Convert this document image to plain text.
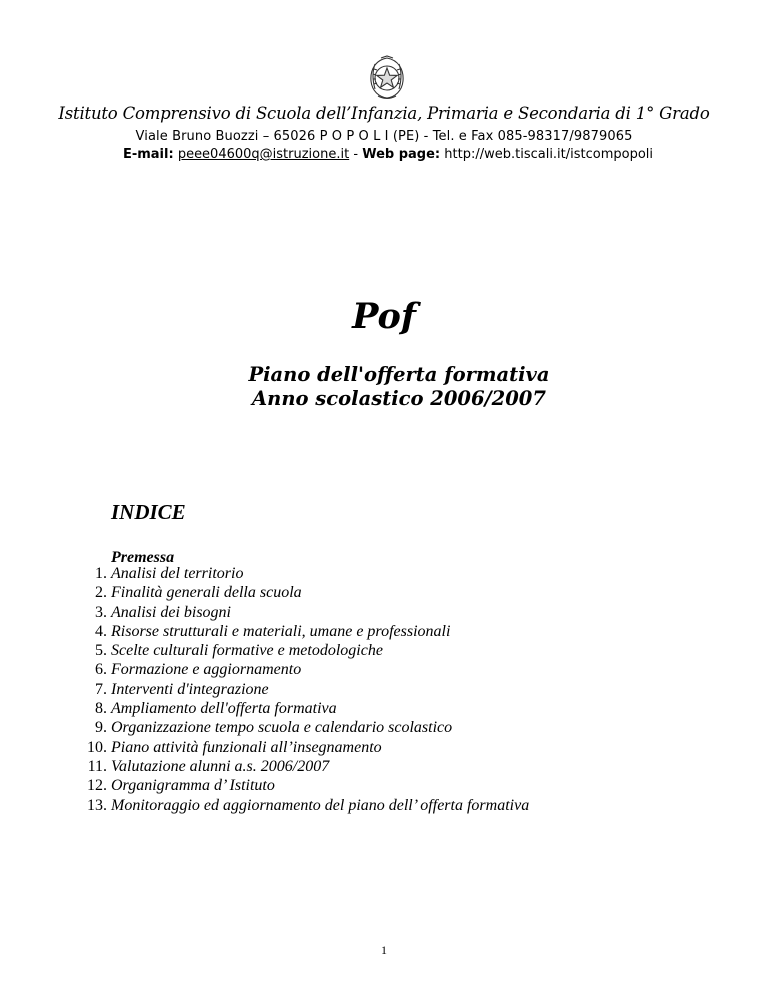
Istituto Comprensivo di Scuola dell’Infanzia, Primaria e Secondaria di 1° Grado
Viale Bruno Buozzi – 65026 P O P O L I (PE) - Tel. e Fax 085-98317/9879065
E-mail: peee04600q@istruzione.it - Web page: http://web.tiscali.it/istcompopoli
Pof
Piano dell'offerta formativa
Anno scolastico 2006/2007
INDICE
Premessa
1. Analisi del territorio
2. Finalità generali della scuola
3. Analisi dei bisogni
4. Risorse strutturali e materiali, umane e professionali
5. Scelte culturali formative e metodologiche
6. Formazione e aggiornamento
7. Interventi d'integrazione
8. Ampliamento dell'offerta formativa
9. Organizzazione tempo scuola e calendario scolastico
10. Piano attività funzionali all’insegnamento
11. Valutazione alunni a.s. 2006/2007
12. Organigramma d’ Istituto
13. Monitoraggio ed aggiornamento del piano dell’ offerta formativa
1
